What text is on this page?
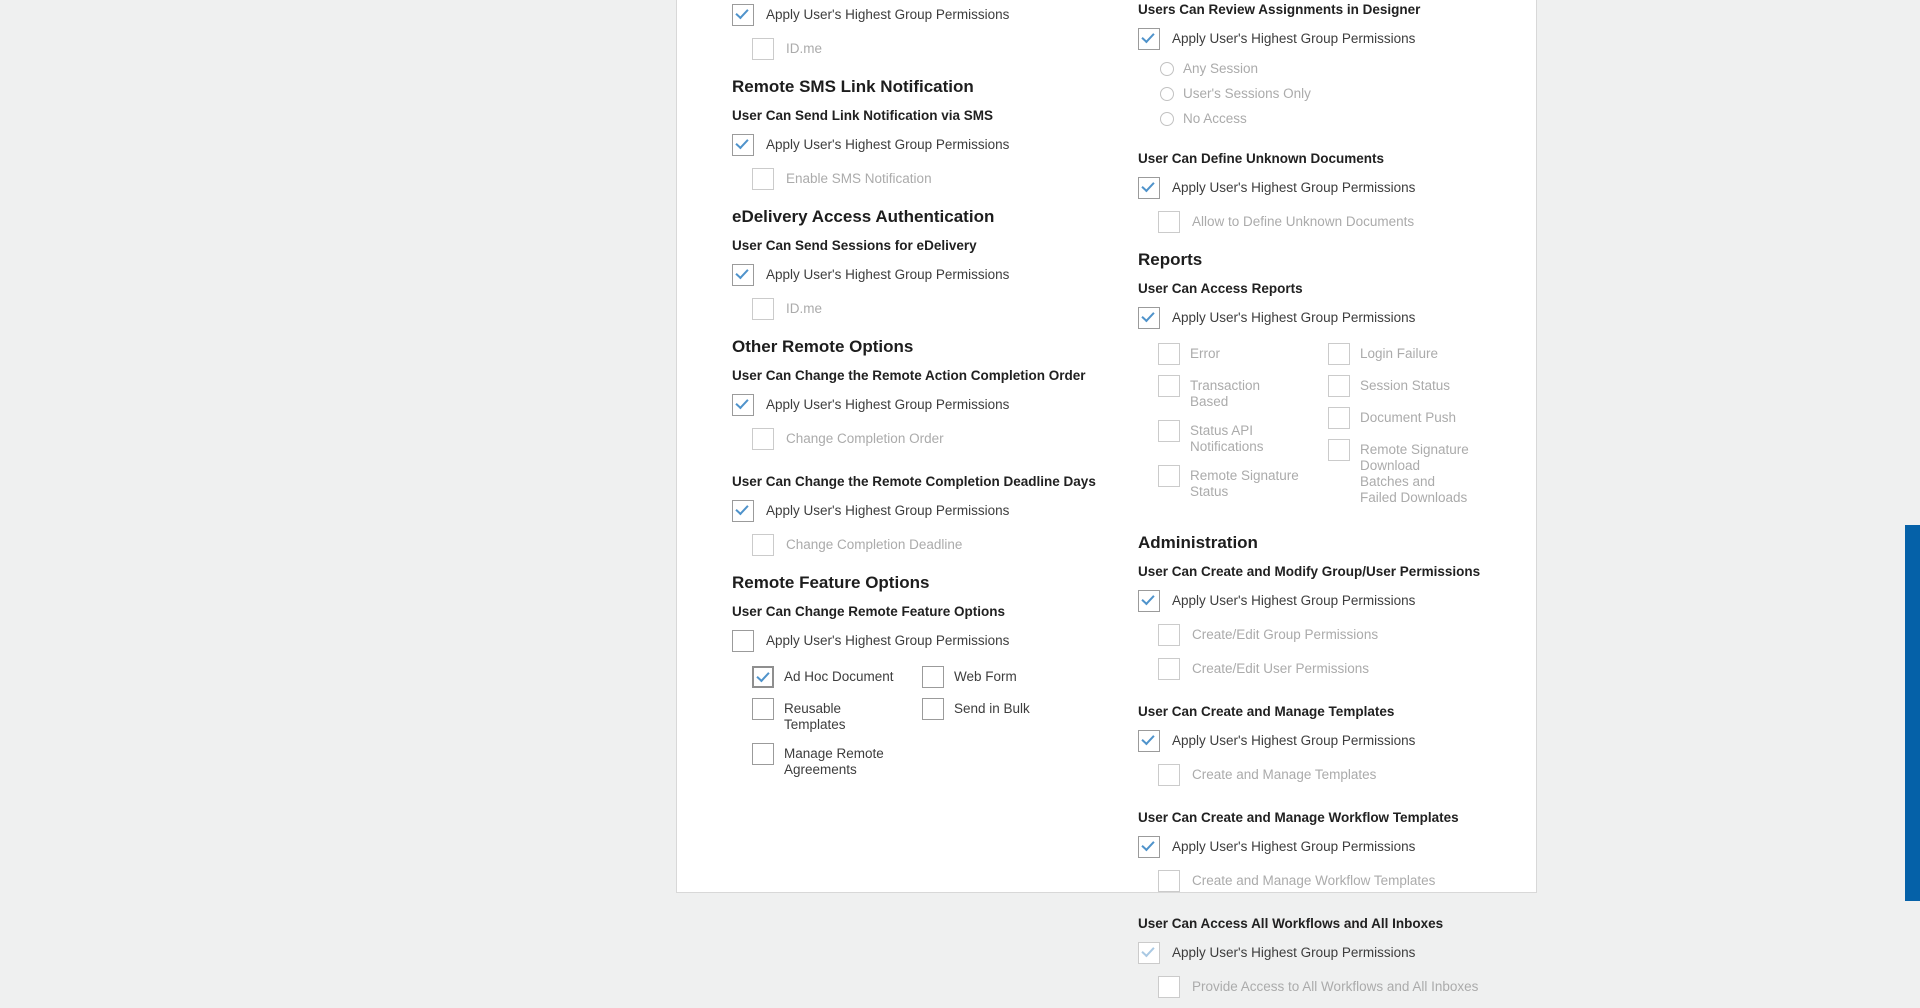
Apply User's Highest Group Permissions
ID.me
Remote SMS Link Notification
User Can Send Link Notification via SMS
Apply User's Highest Group Permissions
Enable SMS Notification
eDelivery Access Authentication
User Can Send Sessions for eDelivery
Apply User's Highest Group Permissions
ID.me
Other Remote Options
User Can Change the Remote Action Completion Order
Apply User's Highest Group Permissions
Change Completion Order
User Can Change the Remote Completion Deadline Days
Apply User's Highest Group Permissions
Change Completion Deadline
Remote Feature Options
User Can Change Remote Feature Options
Apply User's Highest Group Permissions
Ad Hoc Document
Reusable Templates
Manage Remote Agreements
Web Form
Send in Bulk
Users Can Review Assignments in Designer
Apply User's Highest Group Permissions
Any Session
User's Sessions Only
No Access
User Can Define Unknown Documents
Apply User's Highest Group Permissions
Allow to Define Unknown Documents
Reports
User Can Access Reports
Apply User's Highest Group Permissions
Error
Transaction Based
Status API Notifications
Remote Signature Status
Login Failure
Session Status
Document Push
Remote Signature Download Batches and Failed Downloads
Administration
User Can Create and Modify Group/User Permissions
Apply User's Highest Group Permissions
Create/Edit Group Permissions
Create/Edit User Permissions
User Can Create and Manage Templates
Apply User's Highest Group Permissions
Create and Manage Templates
User Can Create and Manage Workflow Templates
Apply User's Highest Group Permissions
Create and Manage Workflow Templates
User Can Access All Workflows and All Inboxes
Apply User's Highest Group Permissions
Provide Access to All Workflows and All Inboxes
